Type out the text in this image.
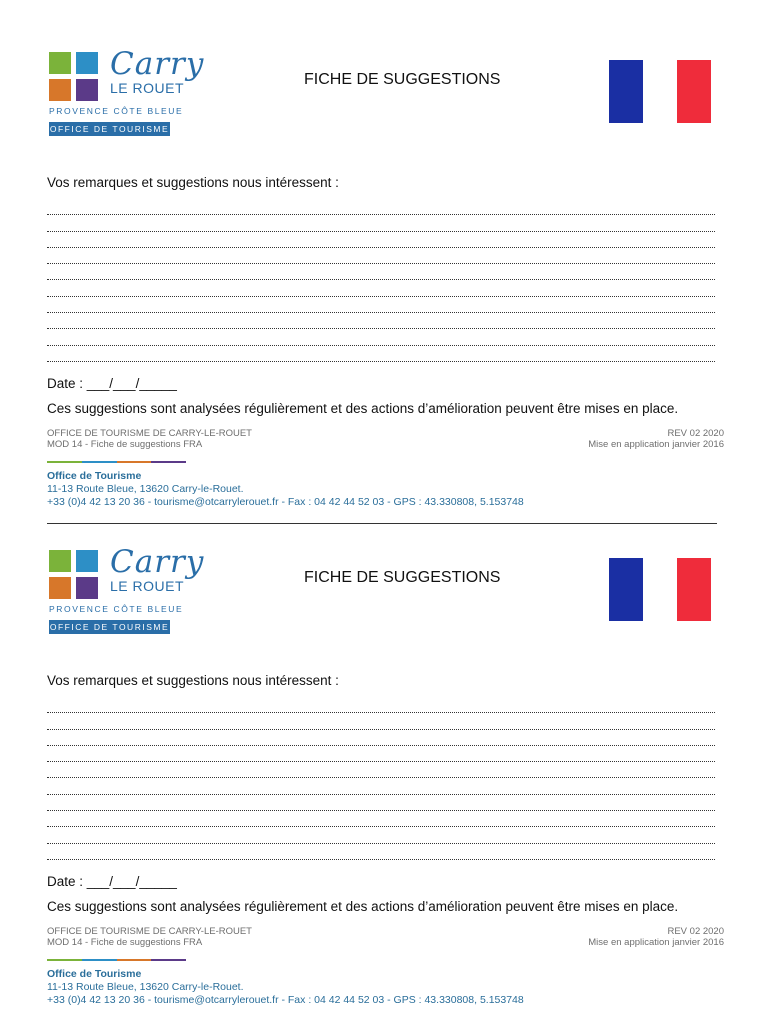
Carry
LE ROUET
PROVENCE CÔTE BLEUE
OFFICE DE TOURISME
FICHE DE SUGGESTIONS
Vos remarques et suggestions nous intéressent :
Date : ___/___/_____
Ces suggestions sont analysées régulièrement et des actions d’amélioration peuvent être mises en place.
OFFICE DE TOURISME DE CARRY-LE-ROUET
MOD 14 - Fiche de suggestions FRA
REV 02 2020
Mise en application janvier 2016
Office de Tourisme
11-13 Route Bleue, 13620 Carry-le-Rouet.
+33 (0)4 42 13 20 36 - tourisme@otcarrylerouet.fr - Fax : 04 42 44 52 03 - GPS : 43.330808, 5.153748
Carry
LE ROUET
PROVENCE CÔTE BLEUE
OFFICE DE TOURISME
FICHE DE SUGGESTIONS
Vos remarques et suggestions nous intéressent :
Date : ___/___/_____
Ces suggestions sont analysées régulièrement et des actions d’amélioration peuvent être mises en place.
OFFICE DE TOURISME DE CARRY-LE-ROUET
MOD 14 - Fiche de suggestions FRA
REV 02 2020
Mise en application janvier 2016
Office de Tourisme
11-13 Route Bleue, 13620 Carry-le-Rouet.
+33 (0)4 42 13 20 36 - tourisme@otcarrylerouet.fr - Fax : 04 42 44 52 03 - GPS : 43.330808, 5.153748
